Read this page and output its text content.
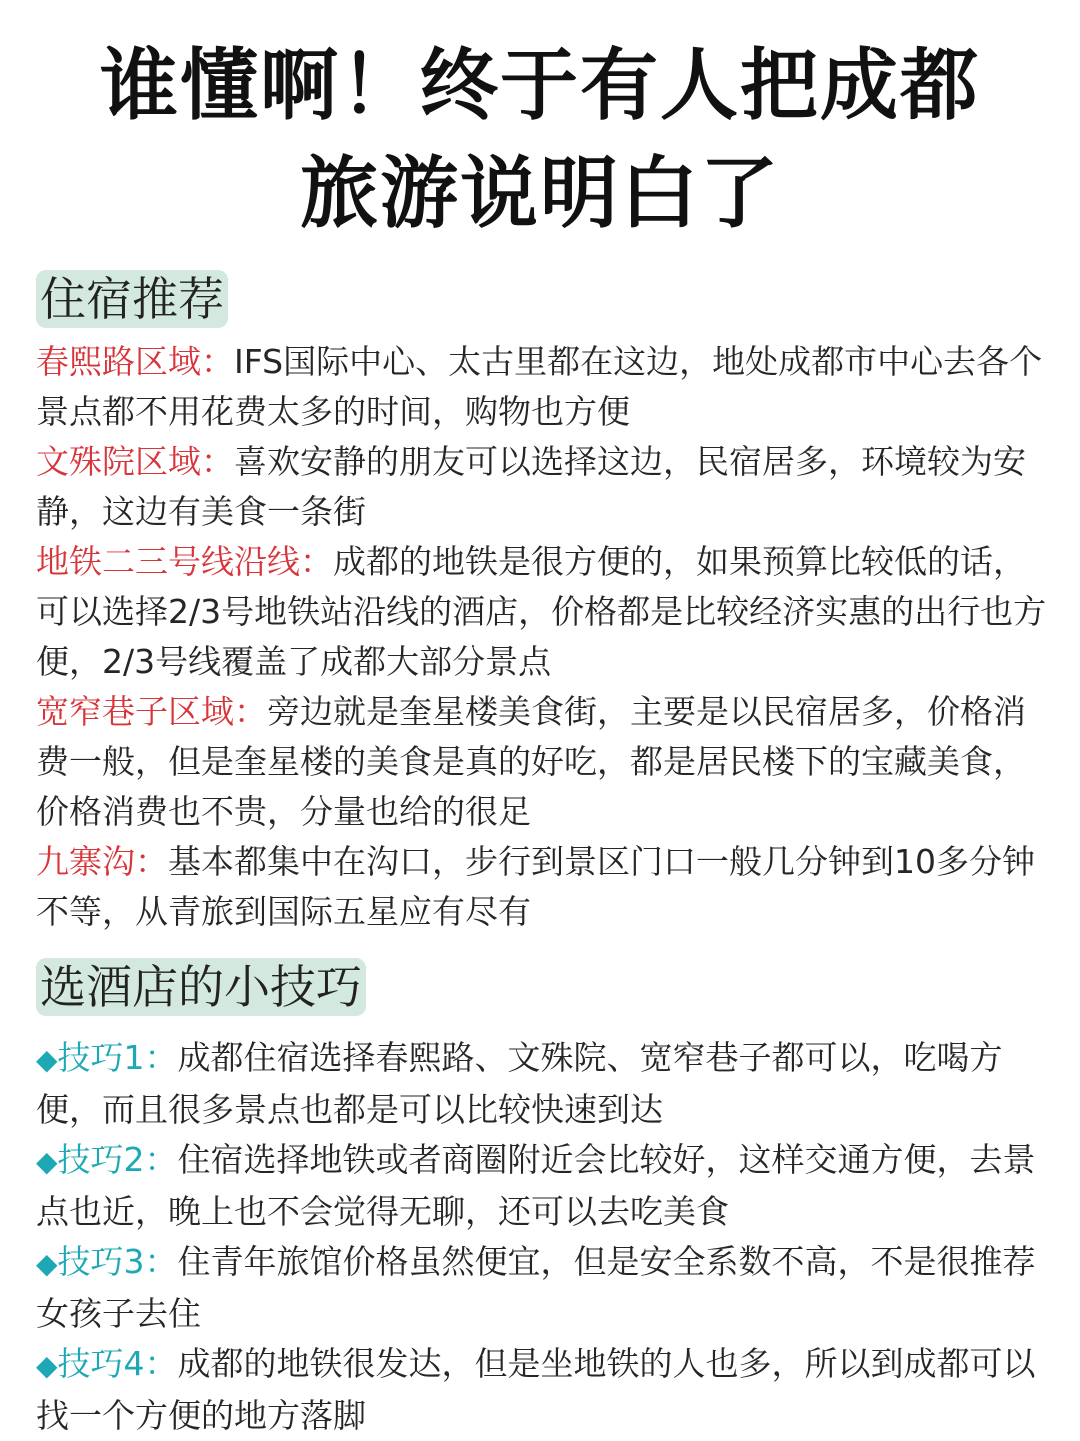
谁懂啊！终于有人把成都
旅游说明白了
住宿推荐

春熙路区域：IFS国际中心、太古里都在这边，地处成都市中心去各个景点都不用花费太多的时间，购物也方便

文殊院区域：喜欢安静的朋友可以选择这边，民宿居多，环境较为安静，这边有美食一条街

地铁二三号线沿线：成都的地铁是很方便的，如果预算比较低的话，可以选择2/3号地铁站沿线的酒店，价格都是比较经济实惠的出行也方便，2/3号线覆盖了成都大部分景点

宽窄巷子区域：旁边就是奎星楼美食街，主要是以民宿居多，价格消费一般，但是奎星楼的美食是真的好吃，都是居民楼下的宝藏美食，价格消费也不贵，分量也给的很足

九寨沟：基本都集中在沟口，步行到景区门口一般几分钟到10多分钟不等，从青旅到国际五星应有尽有

选酒店的小技巧

◆技巧1：成都住宿选择春熙路、文殊院、宽窄巷子都可以，吃喝方便，而且很多景点也都是可以比较快速到达

◆技巧2：住宿选择地铁或者商圈附近会比较好，这样交通方便，去景点也近，晚上也不会觉得无聊，还可以去吃美食

◆技巧3：住青年旅馆价格虽然便宜，但是安全系数不高，不是很推荐女孩子去住

◆技巧4：成都的地铁很发达，但是坐地铁的人也多，所以到成都可以找一个方便的地方落脚
